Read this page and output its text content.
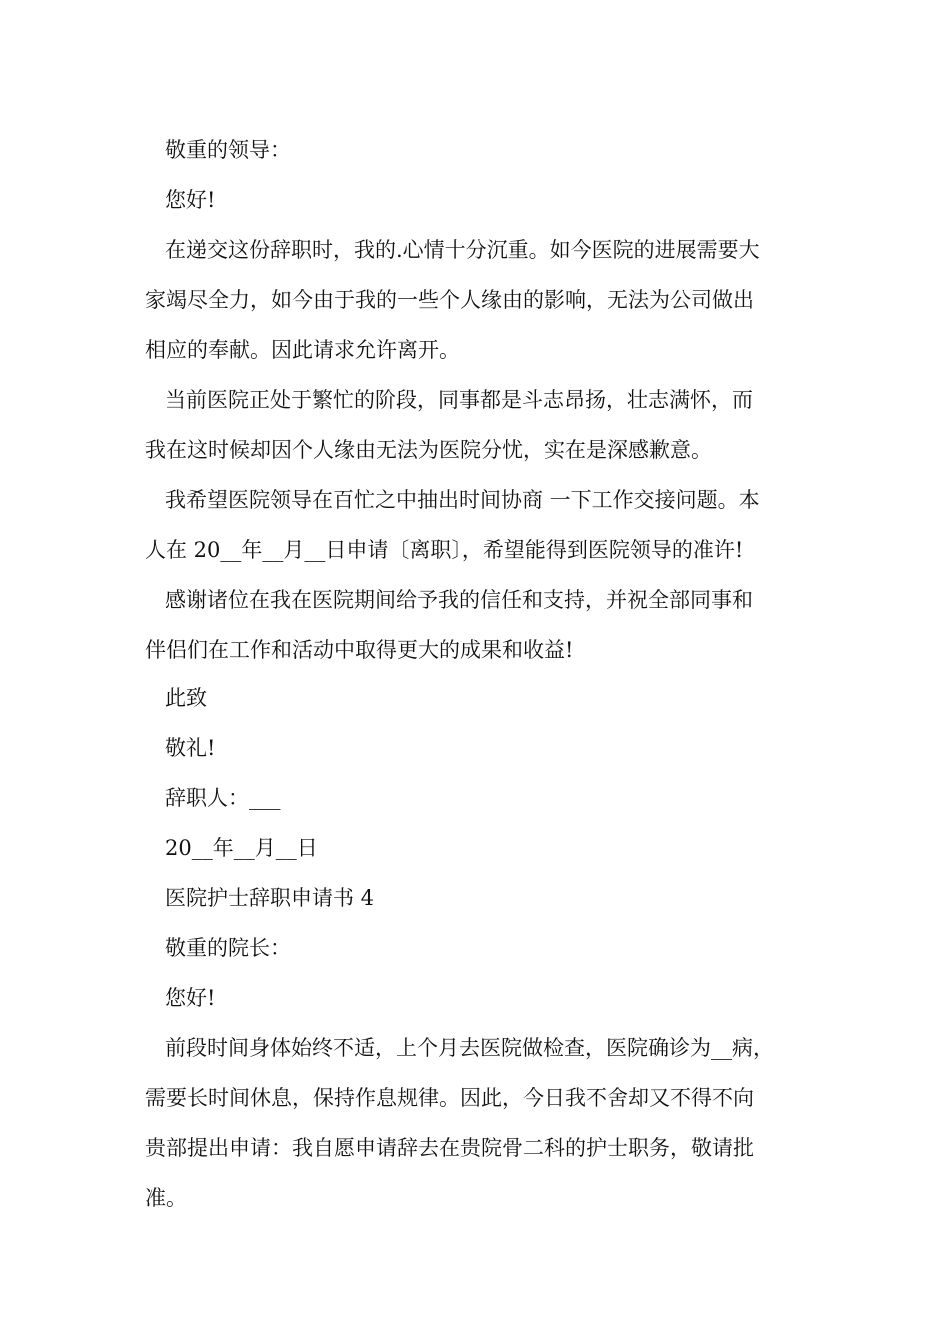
敬重的领导：
您好!
在递交这份辞职时，我的.心情十分沉重。如今医院的进展需要大
家竭尽全力，如今由于我的一些个人缘由的影响，无法为公司做出
相应的奉献。因此请求允许离开。
当前医院正处于繁忙的阶段，同事都是斗志昂扬，壮志满怀，而
我在这时候却因个人缘由无法为医院分忧，实在是深感歉意。
我希望医院领导在百忙之中抽出时间协商 一下工作交接问题。本
人在 20__年__月__日申请〔离职〕，希望能得到医院领导的准许!
感谢诸位在我在医院期间给予我的信任和支持，并祝全部同事和
伴侣们在工作和活动中取得更大的成果和收益!
此致
敬礼!
辞职人：___
20__年__月__日
医院护士辞职申请书 4
敬重的院长：
您好!
前段时间身体始终不适，上个月去医院做检查，医院确诊为__病，
需要长时间休息，保持作息规律。因此，今日我不舍却又不得不向
贵部提出申请：我自愿申请辞去在贵院骨二科的护士职务，敬请批
准。
